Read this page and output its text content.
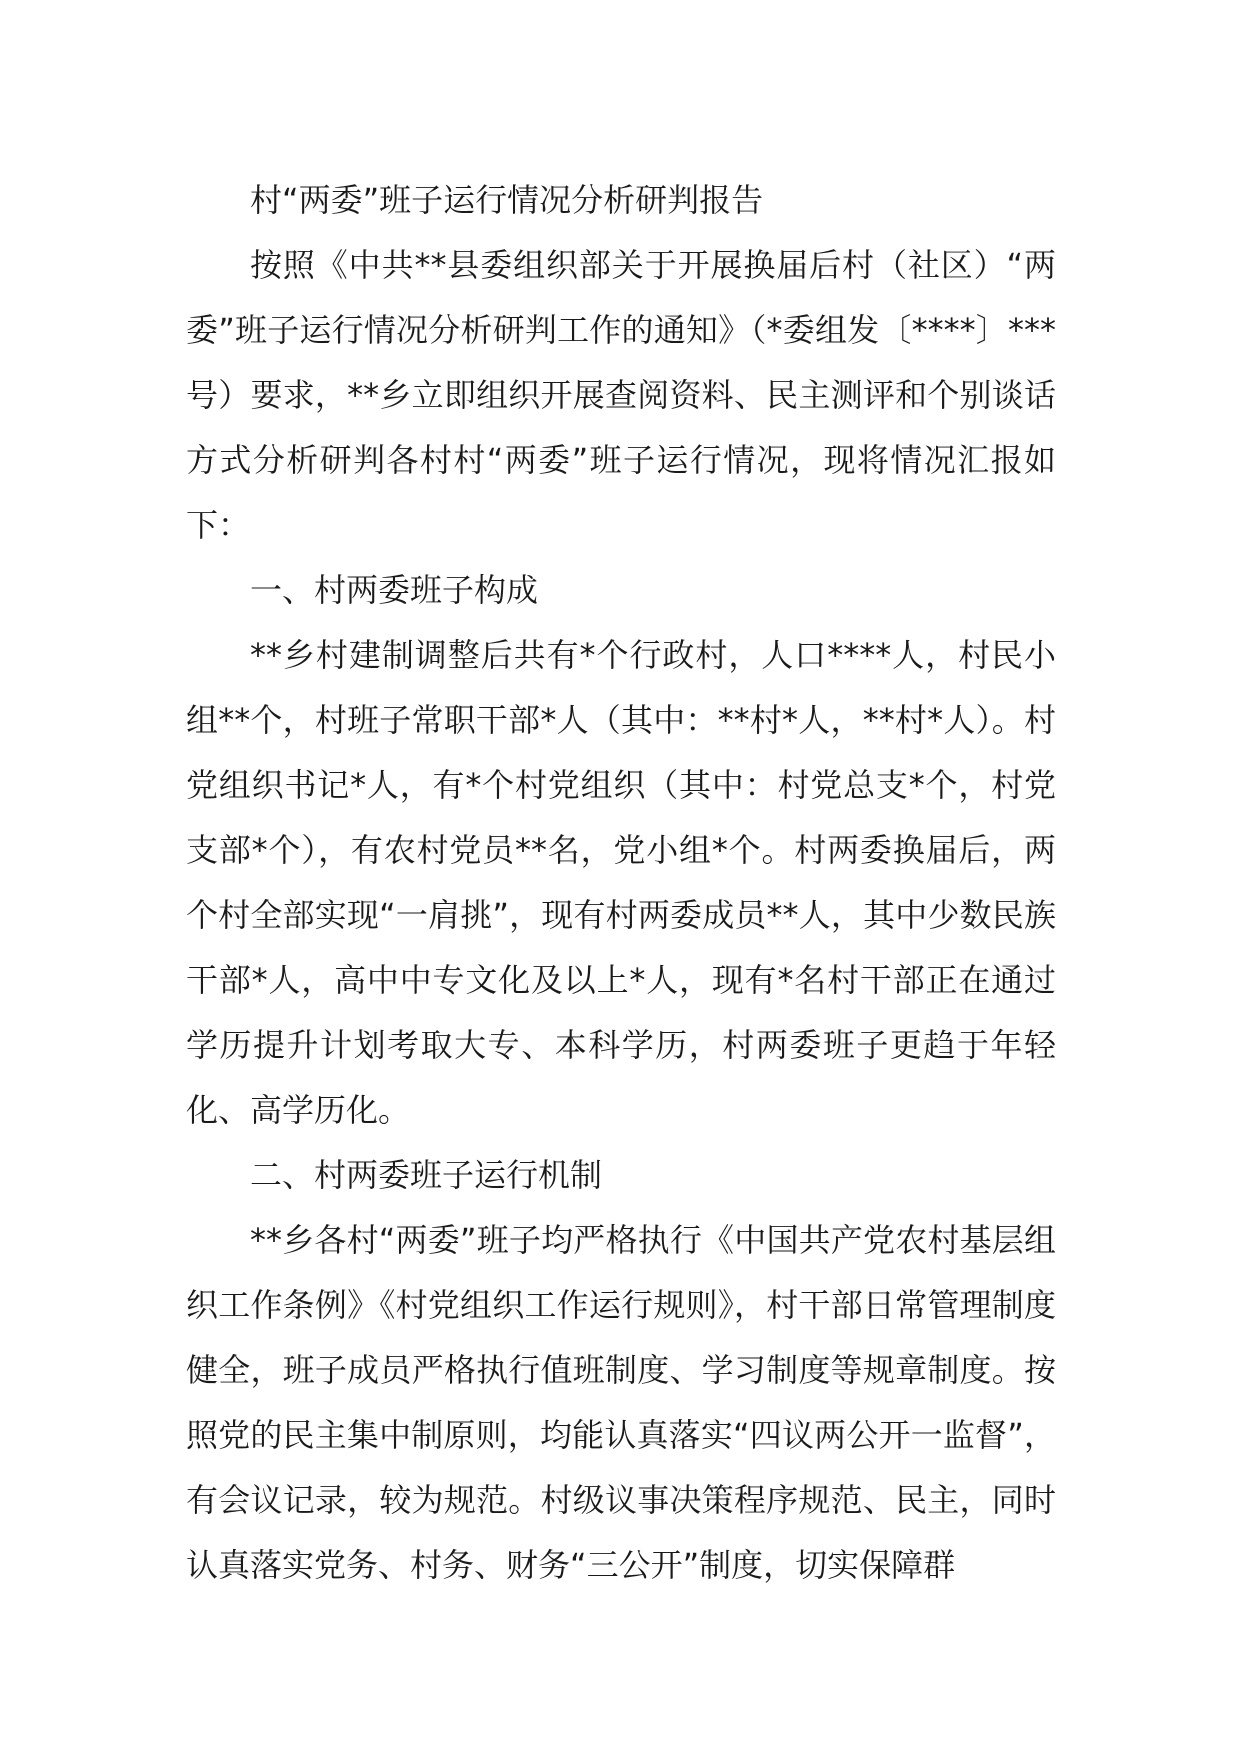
村“两委”班子运行情况分析研判报告

按照《中共**县委组织部关于开展换届后村（社区）“两委”班子运行情况分析研判工作的通知》（*委组发〔****〕***号）要求，**乡立即组织开展查阅资料、民主测评和个别谈话方式分析研判各村村“两委”班子运行情况，现将情况汇报如下：

一、村两委班子构成

**乡村建制调整后共有*个行政村，人口****人，村民小组**个，村班子常职干部*人（其中：**村*人，**村*人）。村党组织书记*人，有*个村党组织（其中：村党总支*个，村党支部*个），有农村党员**名，党小组*个。村两委换届后，两个村全部实现“一肩挑”，现有村两委成员**人，其中少数民族干部*人，高中中专文化及以上*人，现有*名村干部正在通过学历提升计划考取大专、本科学历，村两委班子更趋于年轻化、高学历化。

二、村两委班子运行机制

**乡各村“两委”班子均严格执行《中国共产党农村基层组织工作条例》《村党组织工作运行规则》，村干部日常管理制度健全，班子成员严格执行值班制度、学习制度等规章制度。按照党的民主集中制原则，均能认真落实“四议两公开一监督”，有会议记录，较为规范。村级议事决策程序规范、民主，同时认真落实党务、村务、财务“三公开”制度，切实保障群
